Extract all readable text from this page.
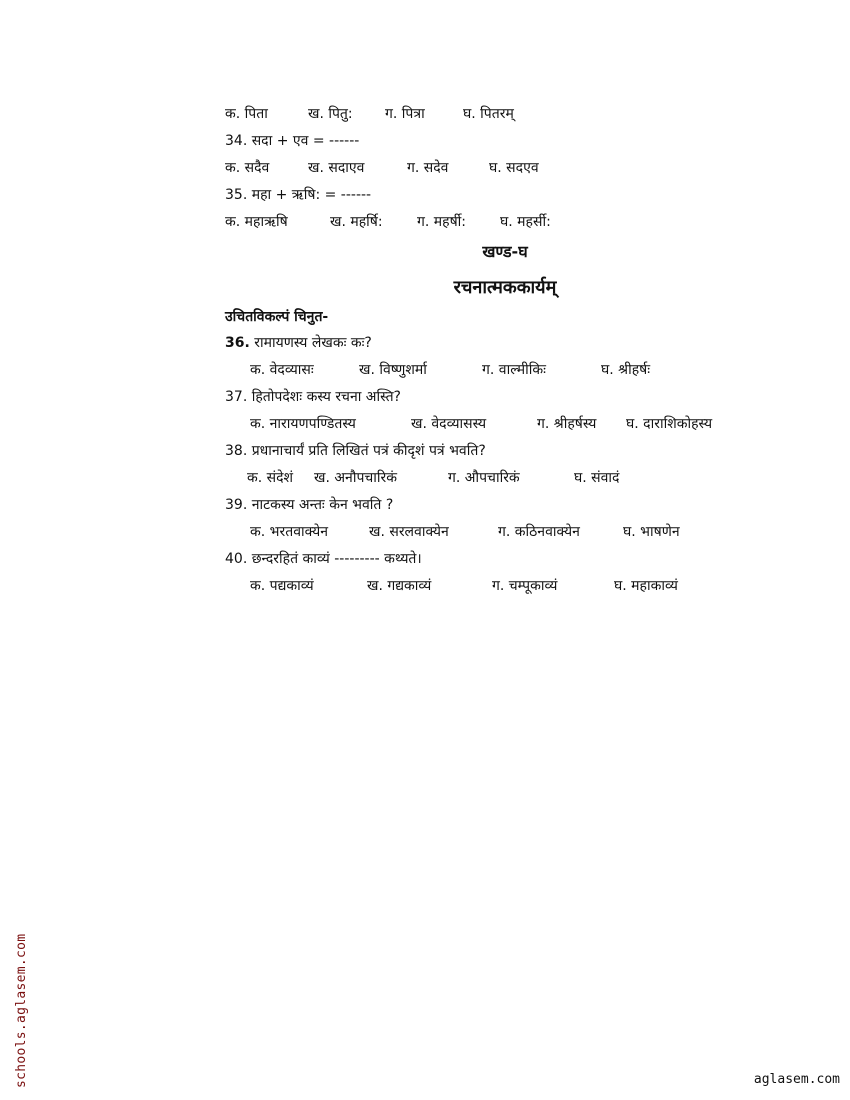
क. पिता	ख. पितु:	ग. पित्रा	घ. पितरम्
34. सदा + एव = ------
क. सदैव	ख. सदाएव	ग. सदेव	घ. सदएव
35. महा + ऋषि: = ------
क. महाऋषि	ख. महर्षि:	ग. महर्षी:	घ. महर्सी:
खण्ड-घ
रचनात्मककार्यम्
उचितविकल्पं चिनुत-
36. रामायणस्य लेखकः कः?
क. वेदव्यासः	ख. विष्णुशर्मा	ग. वाल्मीकिः	घ. श्रीहर्षः
37. हितोपदेशः कस्य रचना अस्ति?
क. नारायणपण्डितस्य	ख. वेदव्यासस्य	ग. श्रीहर्षस्य	घ. दाराशिकोहस्य
38. प्रधानाचार्यं प्रति लिखितं पत्रं कीदृशं पत्रं भवति?
क. संदेशं	ख. अनौपचारिकं	ग. औपचारिकं	घ. संवादं
39. नाटकस्य अन्तः केन भवति ?
क. भरतवाक्येन	ख. सरलवाक्येन	ग. कठिनवाक्येन	घ. भाषणेन
40. छन्दरहितं काव्यं --------- कथ्यते।
क. पद्यकाव्यं	ख. गद्यकाव्यं	ग. चम्पूकाव्यं	घ. महाकाव्यं
schools.aglasem.com	aglasem.com
